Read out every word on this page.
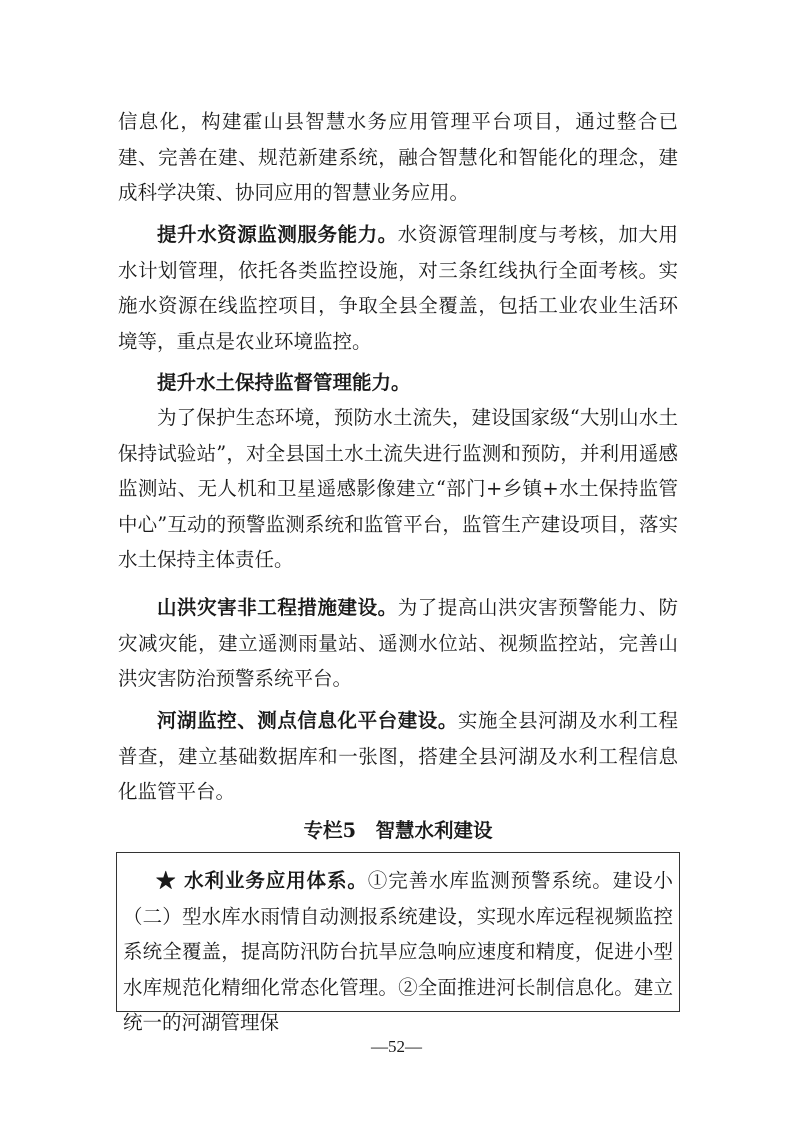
信息化，构建霍山县智慧水务应用管理平台项目，通过整合已建、完善在建、规范新建系统，融合智慧化和智能化的理念，建成科学决策、协同应用的智慧业务应用。

提升水资源监测服务能力。水资源管理制度与考核，加大用水计划管理，依托各类监控设施，对三条红线执行全面考核。实施水资源在线监控项目，争取全县全覆盖，包括工业农业生活环境等，重点是农业环境监控。

提升水土保持监督管理能力。

为了保护生态环境，预防水土流失，建设国家级“大别山水土保持试验站”，对全县国土水土流失进行监测和预防，并利用遥感监测站、无人机和卫星遥感影像建立“部门+乡镇+水土保持监管中心”互动的预警监测系统和监管平台，监管生产建设项目，落实水土保持主体责任。

山洪灾害非工程措施建设。为了提高山洪灾害预警能力、防灾减灾能，建立遥测雨量站、遥测水位站、视频监控站，完善山洪灾害防治预警系统平台。

河湖监控、测点信息化平台建设。实施全县河湖及水利工程普查，建立基础数据库和一张图，搭建全县河湖及水利工程信息化监管平台。

专栏5　智慧水利建设

★ 水利业务应用体系。①完善水库监测预警系统。建设小（二）型水库水雨情自动测报系统建设，实现水库远程视频监控系统全覆盖，提高防汛防台抗旱应急响应速度和精度，促进小型水库规范化精细化常态化管理。②全面推进河长制信息化。建立统一的河湖管理保

—52—
